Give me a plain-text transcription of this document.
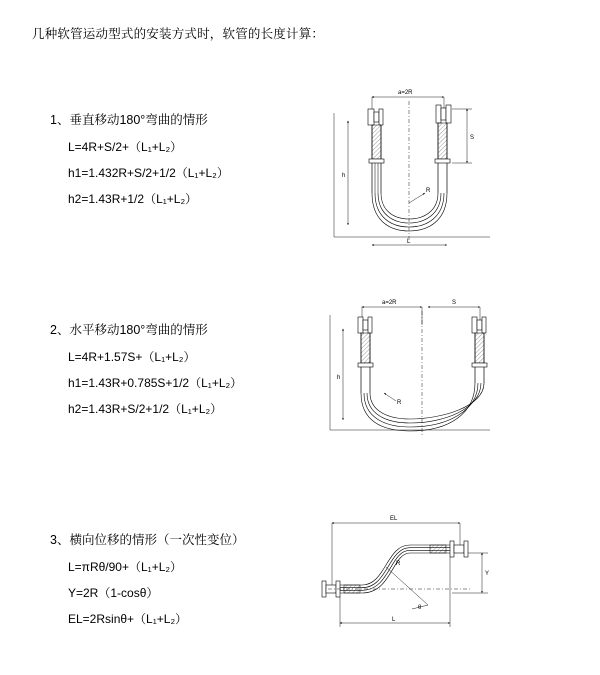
几种软管运动型式的安装方式时，软管的长度计算：
1、垂直移动180°弯曲的情形
L=4R+S/2+（L₁+L₂）
h1=1.432R+S/2+1/2（L₁+L₂）
h2=1.43R+1/2（L₁+L₂）
a=2R
S
h
R
L
2、水平移动180°弯曲的情形
L=4R+1.57S+（L₁+L₂）
h1=1.43R+0.785S+1/2（L₁+L₂）
h2=1.43R+S/2+1/2（L₁+L₂）
a=2R	S
h
R
3、横向位移的情形（一次性变位）
L=πRθ/90+（L₁+L₂）
Y=2R（1-cosθ）
EL=2Rsinθ+（L₁+L₂）
EL
Y
θ
R
L
